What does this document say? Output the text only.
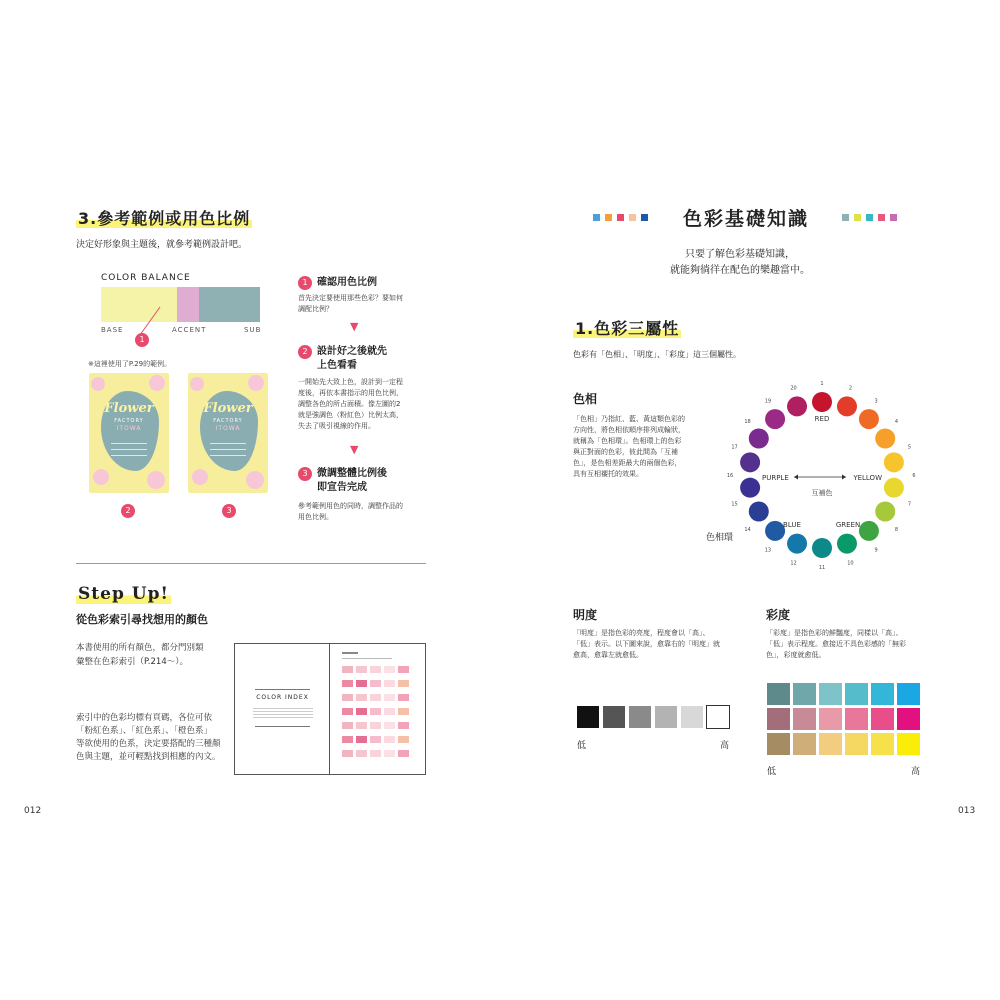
3.參考範例或用色比例
決定好形象與主題後，就參考範例設計吧。
COLOR BALANCE
BASE	ACCENT	SUB
1
※這裡使用了P.29的範例。
Flower
FACTORY
ITOWA
Flower
FACTORY
ITOWA
2	3
1 確認用色比例
首先決定要使用那些色彩？要如何
調配比例？
▼
2 設計好之後就先
上色看看
一開始先大致上色，設計到一定程
度後，再依本書指示的用色比例，
調整各色的所占面積。像左圖的2
就是強調色（粉紅色）比例太高，
失去了吸引視線的作用。
▼
3 微調整體比例後
即宣告完成
參考範例用色的同時，調整作品的
用色比例。
Step Up!
從色彩索引尋找想用的顏色
本書使用的所有顏色，都分門別類
彙整在色彩索引（P.214～）。
索引中的色彩均標有頁碼，各位可依
「粉紅色系」、「紅色系」、「橙色系」
等欲使用的色系，決定要搭配的三種顏
色與主題，並可輕點找到相應的內文。
COLOR INDEX
012
色彩基礎知識
只要了解色彩基礎知識，
就能夠徜徉在配色的樂趣當中。
1.色彩三屬性
色彩有「色相」、「明度」、「彩度」這三個屬性。
色相
「色相」乃指紅、藍、黃這類色彩的
方向性，將色相依順序排列成輪狀，
就稱為「色相環」。色相環上的色彩
與正對面的色彩，彼此間為「互補
色」，是色相差距最大的兩個色彩，
具有互相襯托的效果。
1
2
3
4
5
6
7
8
9
10
11
12
13
14
15
16
17
18
19
20
RED
PURPLE	YELLOW
BLUE	GREEN
互補色
色相環
明度
「明度」是指色彩的亮度，程度會以「高」、
「低」表示。以下圖來說，愈靠右的「明度」就
愈高，愈靠左就愈低。
低	高
彩度
「彩度」是指色彩的鮮豔度，同樣以「高」、
「低」表示程度。愈接近不具色彩感的「無彩
色」，彩度就愈低。
低	高
013
